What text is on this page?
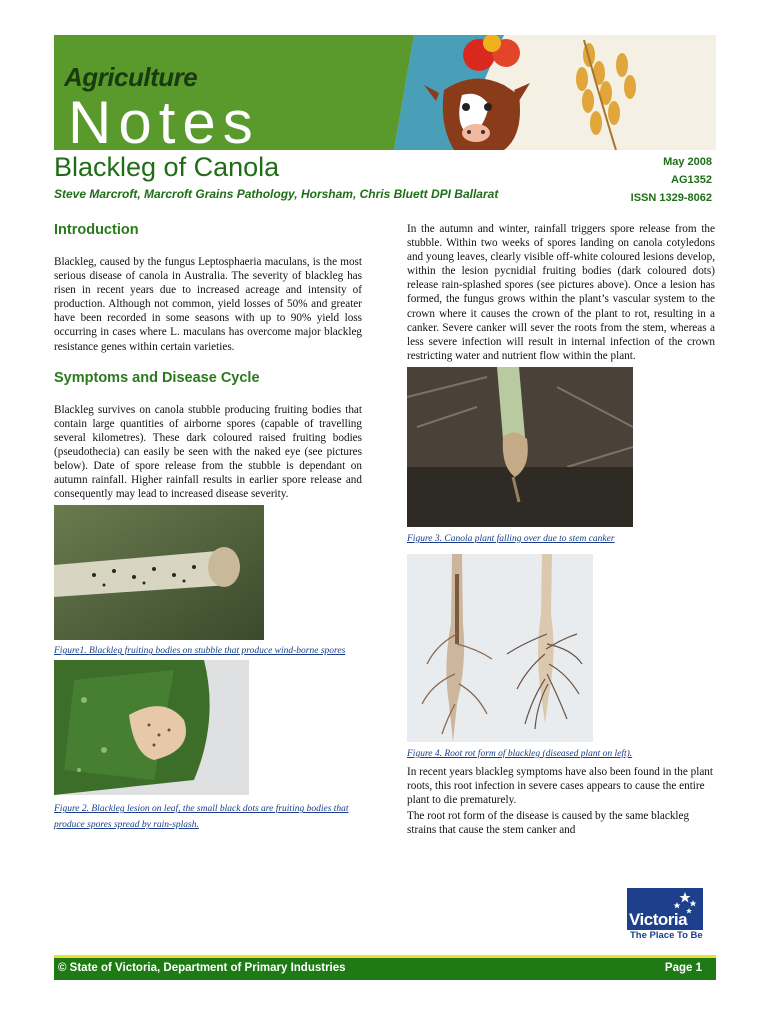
Agriculture
Notes
Blackleg of Canola
Steve Marcroft, Marcroft Grains Pathology, Horsham, Chris Bluett DPI Ballarat
May 2008
AG1352
ISSN 1329-8062
Introduction

Blackleg, caused by the fungus Leptosphaeria maculans, is the most serious disease of canola in Australia. The severity of blackleg has risen in recent years due to increased acreage and intensity of production. Although not common, yield losses of 50% and greater have been recorded in some seasons with up to 90% yield loss occurring in cases where L. maculans has overcome major blackleg resistance genes within certain varieties.

Symptoms and Disease Cycle

Blackleg survives on canola stubble producing fruiting bodies that contain large quantities of airborne spores (capable of travelling several kilometres). These dark coloured raised fruiting bodies (pseudothecia) can easily be seen with the naked eye (see pictures below). Date of spore release from the stubble is dependant on autumn rainfall. Higher rainfall results in earlier spore release and consequently may lead to increased disease severity.

Figure1. Blackleg fruiting bodies on stubble that produce wind-borne spores
Figure 2. Blackleg lesion on leaf, the small black dots are fruiting bodies that produce spores spread by rain-splash.

In the autumn and winter, rainfall triggers spore release from the stubble. Within two weeks of spores landing on canola cotyledons and young leaves, clearly visible off-white coloured lesions develop, within the lesion pycnidial fruiting bodies (dark coloured dots) release rain-splashed spores (see pictures above). Once a lesion has formed, the fungus grows within the plant’s vascular system to the crown where it causes the crown of the plant to rot, resulting in a canker. Severe canker will sever the roots from the stem, whereas a less severe infection will result in internal infection of the crown restricting water and nutrient flow within the plant.

Figure 3. Canola plant falling over due to stem canker
Figure 4. Root rot form of blackleg (diseased plant on left).

In recent years blackleg symptoms have also been found in the plant roots, this root infection in severe cases appears to cause the entire plant to die prematurely.

The root rot form of the disease is caused by the same blackleg strains that cause the stem canker and

Victoria
The Place To Be
© State of Victoria, Department of Primary Industries	Page 1
